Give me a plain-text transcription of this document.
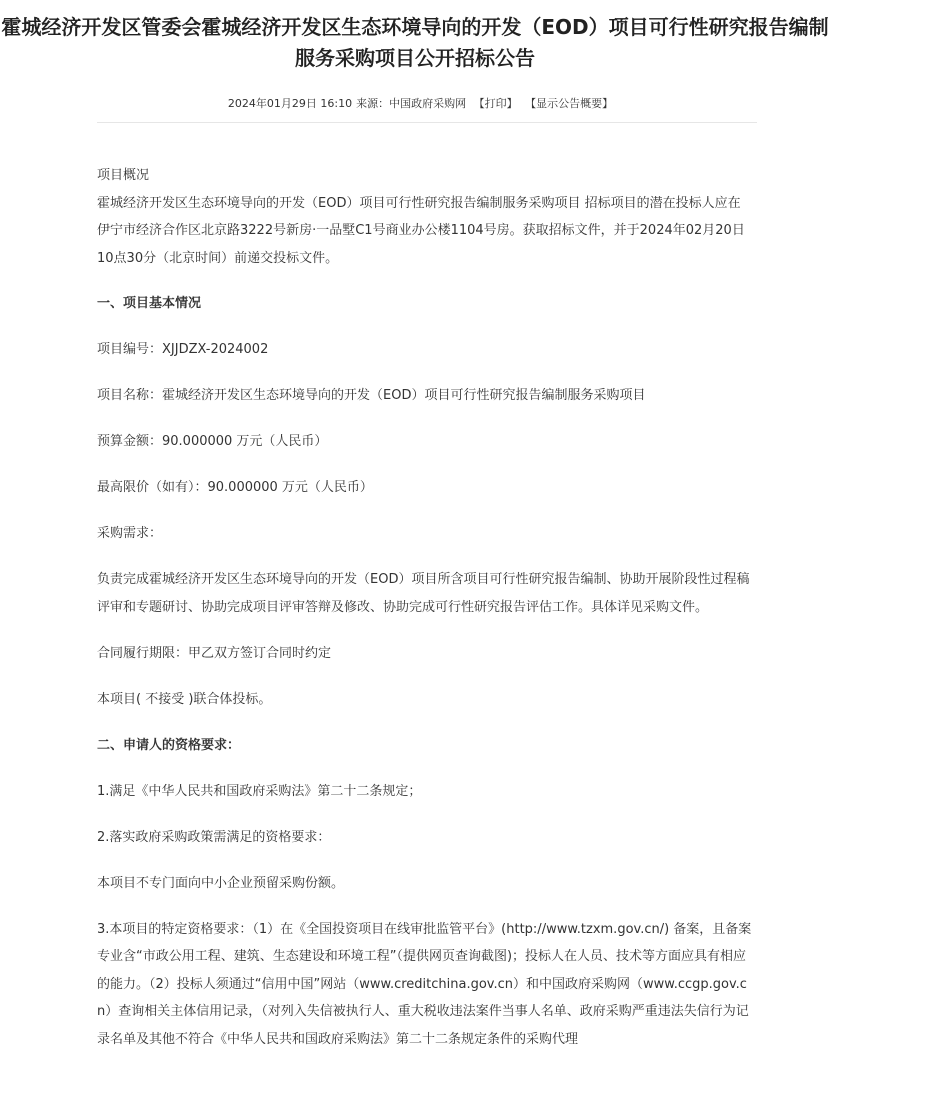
霍城经济开发区管委会霍城经济开发区生态环境导向的开发（EOD）项目可行性研究报告编制服务采购项目公开招标公告
2024年01月29日 16:10 来源：中国政府采购网 【打印】 【显示公告概要】

项目概况
霍城经济开发区生态环境导向的开发（EOD）项目可行性研究报告编制服务采购项目 招标项目的潜在投标人应在伊宁市经济合作区北京路3222号新房·一品墅C1号商业办公楼1104号房。获取招标文件，并于2024年02月20日 10点30分（北京时间）前递交投标文件。

一、项目基本情况

项目编号：XJJDZX-2024002

项目名称：霍城经济开发区生态环境导向的开发（EOD）项目可行性研究报告编制服务采购项目

预算金额：90.000000 万元（人民币）

最高限价（如有）：90.000000 万元（人民币）

采购需求：

负责完成霍城经济开发区生态环境导向的开发（EOD）项目所含项目可行性研究报告编制、协助开展阶段性过程稿评审和专题研讨、协助完成项目评审答辩及修改、协助完成可行性研究报告评估工作。具体详见采购文件。

合同履行期限：甲乙双方签订合同时约定

本项目( 不接受 )联合体投标。

二、申请人的资格要求：

1.满足《中华人民共和国政府采购法》第二十二条规定；

2.落实政府采购政策需满足的资格要求：

本项目不专门面向中小企业预留采购份额。

3.本项目的特定资格要求：（1）在《全国投资项目在线审批监管平台》(http://www.tzxm.gov.cn/) 备案，且备案专业含“市政公用工程、建筑、生态建设和环境工程”（提供网页查询截图)；投标人在人员、技术等方面应具有相应的能力。（2）投标人须通过“信用中国”网站（www.creditchina.gov.cn）和中国政府采购网（www.ccgp.gov.cn）查询相关主体信用记录，（对列入失信被执行人、重大税收违法案件当事人名单、政府采购严重违法失信行为记录名单及其他不符合《中华人民共和国政府采购法》第二十二条规定条件的采购代理
